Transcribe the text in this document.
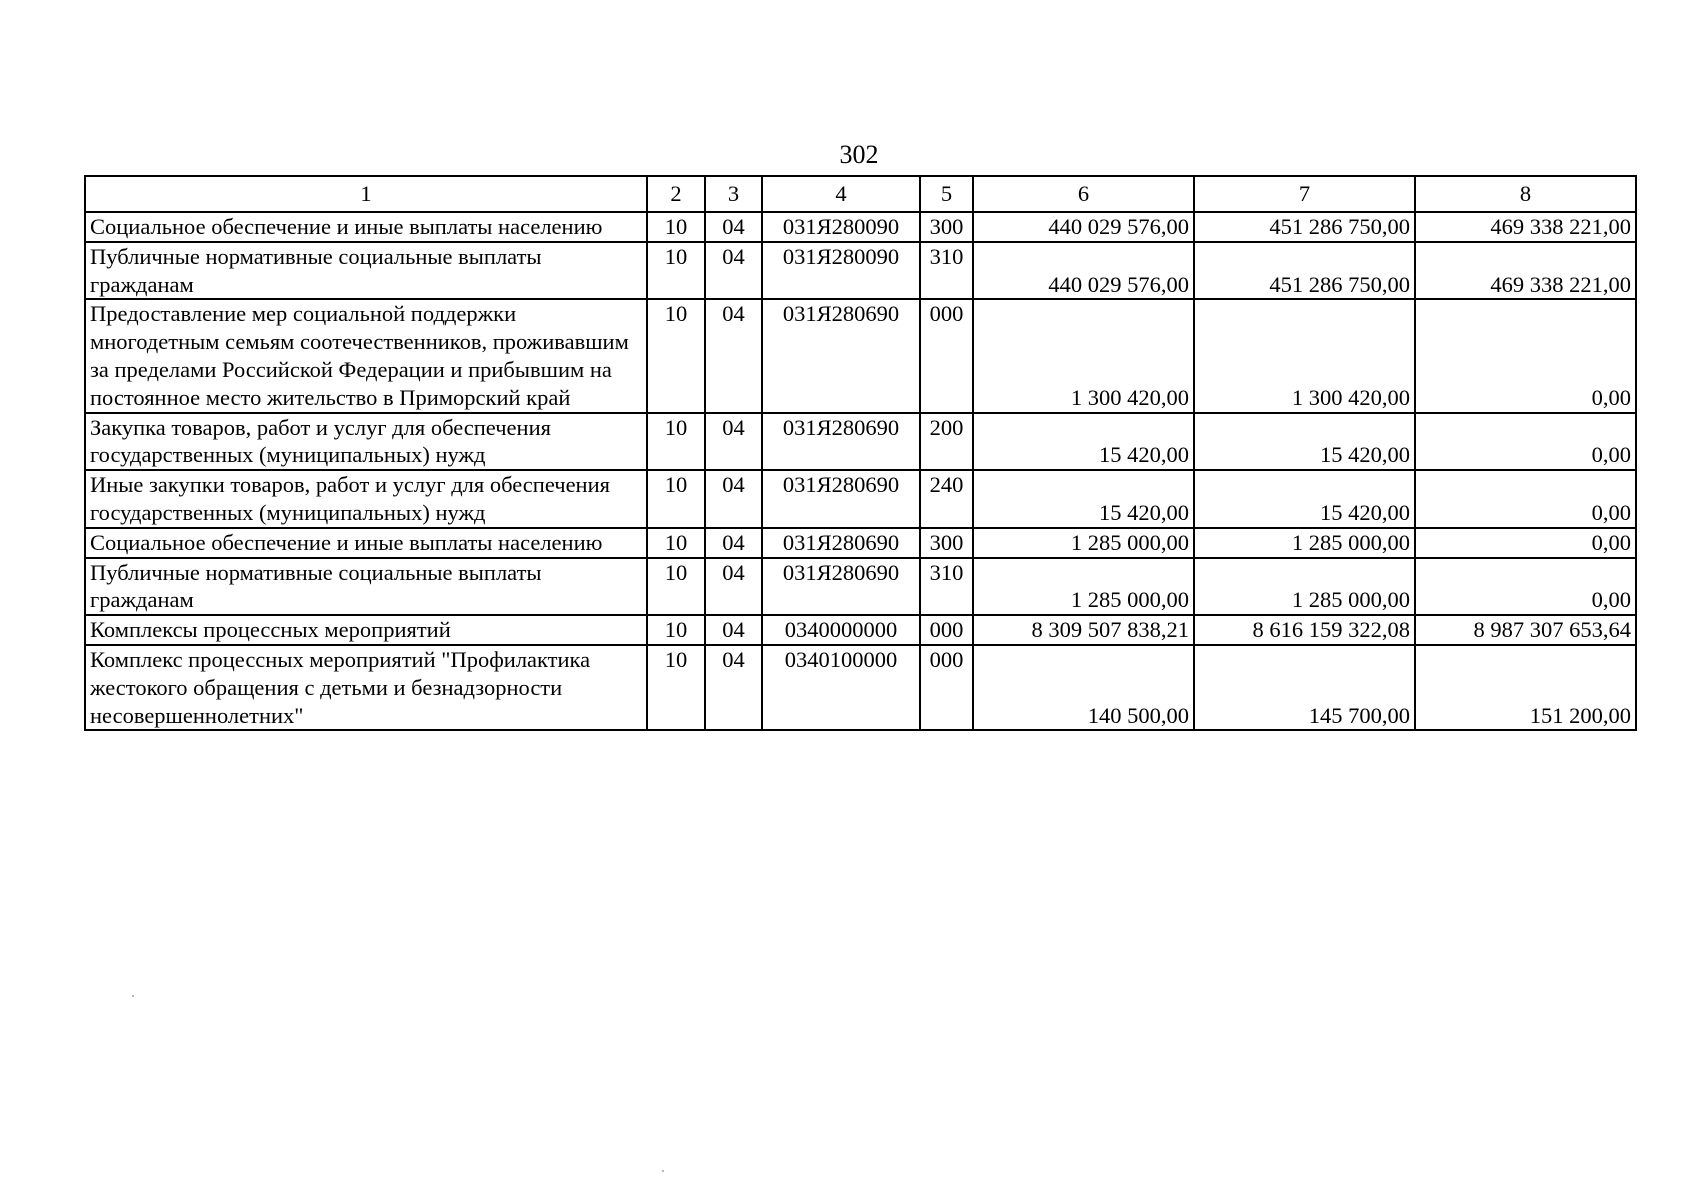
302
1	2	3	4	5	6	7	8
Социальное обеспечение и иные выплаты населению	10	04	031Я280090	300	440 029 576,00	451 286 750,00	469 338 221,00
Публичные нормативные социальные выплаты гражданам	10	04	031Я280090	310	440 029 576,00	451 286 750,00	469 338 221,00
Предоставление мер социальной поддержки многодетным семьям соотечественников, проживавшим за пределами Российской Федерации и прибывшим на постоянное место жительство в Приморский край	10	04	031Я280690	000	1 300 420,00	1 300 420,00	0,00
Закупка товаров, работ и услуг для обеспечения государственных (муниципальных) нужд	10	04	031Я280690	200	15 420,00	15 420,00	0,00
Иные закупки товаров, работ и услуг для обеспечения государственных (муниципальных) нужд	10	04	031Я280690	240	15 420,00	15 420,00	0,00
Социальное обеспечение и иные выплаты населению	10	04	031Я280690	300	1 285 000,00	1 285 000,00	0,00
Публичные нормативные социальные выплаты гражданам	10	04	031Я280690	310	1 285 000,00	1 285 000,00	0,00
Комплексы процессных мероприятий	10	04	0340000000	000	8 309 507 838,21	8 616 159 322,08	8 987 307 653,64
Комплекс процессных мероприятий "Профилактика жестокого обращения с детьми и безнадзорности несовершеннолетних"	10	04	0340100000	000	140 500,00	145 700,00	151 200,00
